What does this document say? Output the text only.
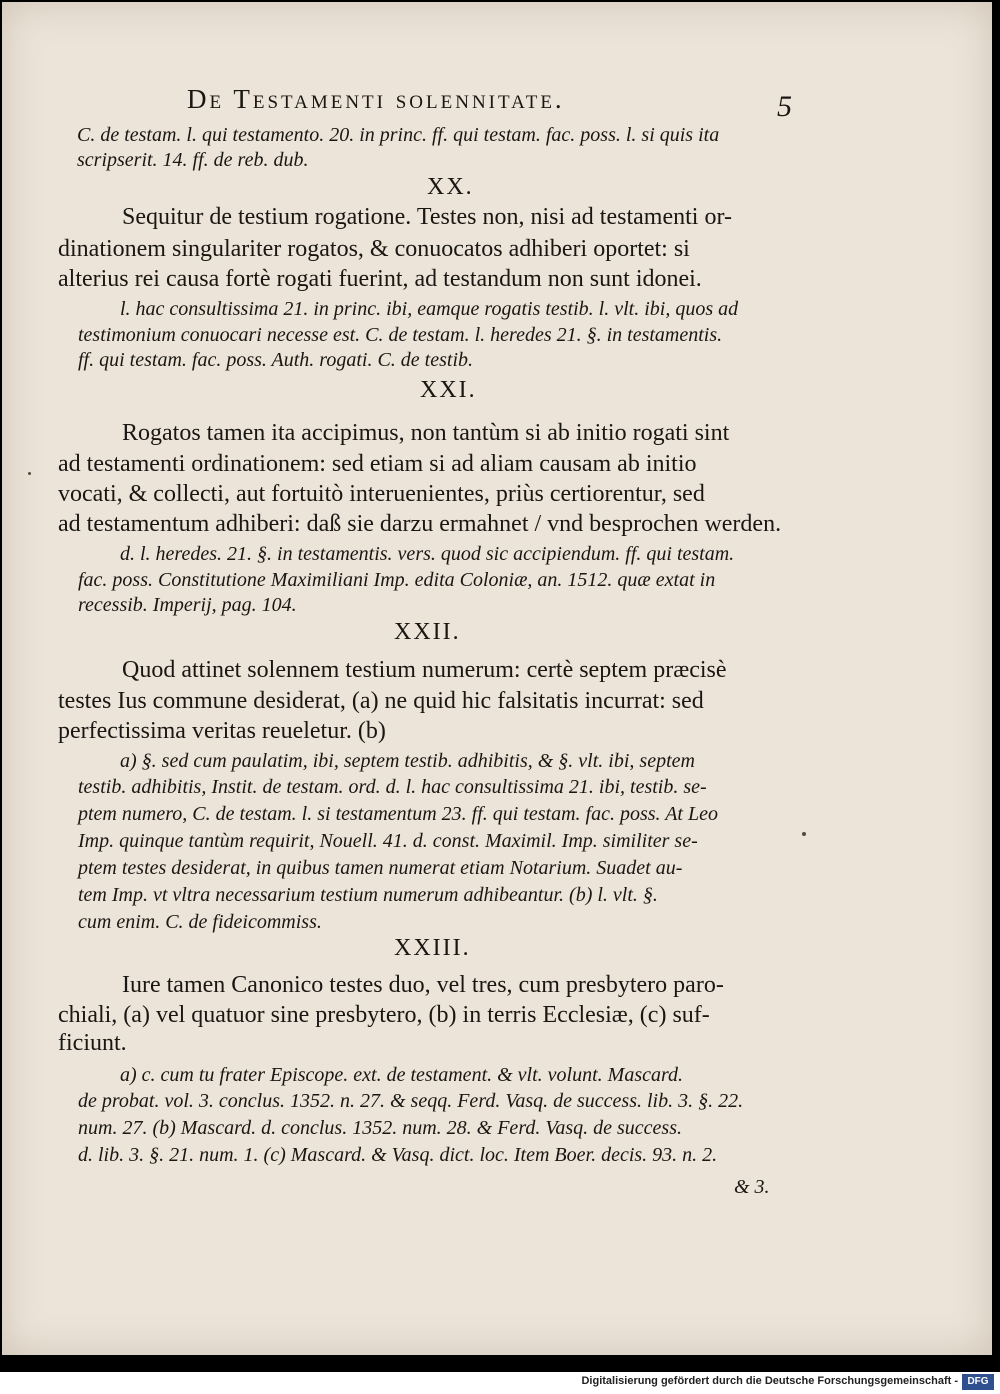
De Testamenti solennitate.	5
C. de testam. l. qui testamento. 20. in princ. ff. qui testam. fac. poss. l. si quis ita
scripserit. 14. ff. de reb. dub.
XX.
Sequitur de testium rogatione. Testes non, nisi ad testamenti or-
dinationem singulariter rogatos, & conuocatos adhiberi oportet: si
alterius rei causa fortè rogati fuerint, ad testandum non sunt idonei.
l. hac consultissima 21. in princ. ibi, eamque rogatis testib. l. vlt. ibi, quos ad
testimonium conuocari necesse est. C. de testam. l. heredes 21. §. in testamentis.
ff. qui testam. fac. poss. Auth. rogati. C. de testib.
XXI.
Rogatos tamen ita accipimus, non tantùm si ab initio rogati sint
ad testamenti ordinationem: sed etiam si ad aliam causam ab initio
vocati, & collecti, aut fortuitò interuenientes, priùs certiorentur, sed
ad testamentum adhiberi: daß sie darzu ermahnet / vnd besprochen werden.
d. l. heredes. 21. §. in testamentis. vers. quod sic accipiendum. ff. qui testam.
fac. poss. Constitutione Maximiliani Imp. edita Coloniæ, an. 1512. quæ extat in
recessib. Imperij, pag. 104.
XXII.
Quod attinet solennem testium numerum: certè septem præcisè
testes Ius commune desiderat, (a) ne quid hic falsitatis incurrat: sed
perfectissima veritas reueletur. (b)
a) §. sed cum paulatim, ibi, septem testib. adhibitis, & §. vlt. ibi, septem
testib. adhibitis, Instit. de testam. ord. d. l. hac consultissima 21. ibi, testib. se-
ptem numero, C. de testam. l. si testamentum 23. ff. qui testam. fac. poss. At Leo
Imp. quinque tantùm requirit, Nouell. 41. d. const. Maximil. Imp. similiter se-
ptem testes desiderat, in quibus tamen numerat etiam Notarium. Suadet au-
tem Imp. vt vltra necessarium testium numerum adhibeantur. (b) l. vlt. §.
cum enim. C. de fideicommiss.
XXIII.
Iure tamen Canonico testes duo, vel tres, cum presbytero paro-
chiali, (a) vel quatuor sine presbytero, (b) in terris Ecclesiæ, (c) suf-
ficiunt.
a) c. cum tu frater Episcope. ext. de testament. & vlt. volunt. Mascard.
de probat. vol. 3. conclus. 1352. n. 27. & seqq. Ferd. Vasq. de success. lib. 3. §. 22.
num. 27. (b) Mascard. d. conclus. 1352. num. 28. & Ferd. Vasq. de success.
d. lib. 3. §. 21. num. 1. (c) Mascard. & Vasq. dict. loc. Item Boer. decis. 93. n. 2.
& 3.
Digitalisierung gefördert durch die Deutsche Forschungsgemeinschaft - DFG
